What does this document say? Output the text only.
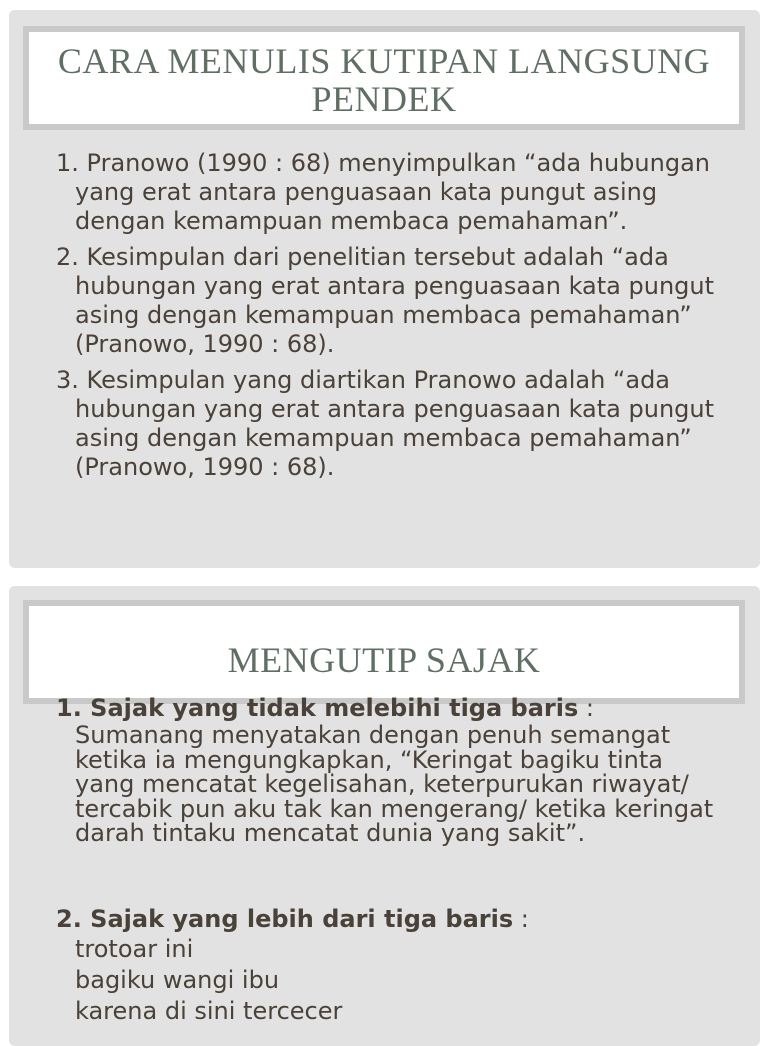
CARA MENULIS KUTIPAN LANGSUNG PENDEK
1. Pranowo (1990 : 68) menyimpulkan “ada hubungan yang erat antara penguasaan kata pungut asing dengan kemampuan membaca pemahaman”.
2. Kesimpulan dari penelitian tersebut adalah “ada hubungan yang erat antara penguasaan kata pungut asing dengan kemampuan membaca pemahaman” (Pranowo, 1990 : 68).
3. Kesimpulan yang diartikan Pranowo adalah “ada hubungan yang erat antara penguasaan kata pungut asing dengan kemampuan membaca pemahaman” (Pranowo, 1990 : 68).
MENGUTIP SAJAK
1. Sajak yang tidak melebihi tiga baris :
Sumanang menyatakan dengan penuh semangat ketika ia mengungkapkan, “Keringat bagiku tinta yang mencatat kegelisahan, keterpurukan riwayat/ tercabik pun aku tak kan mengerang/ ketika keringat darah tintaku mencatat dunia yang sakit”.
2. Sajak yang lebih dari tiga baris :
trotoar ini
bagiku wangi ibu
karena di sini tercecer
